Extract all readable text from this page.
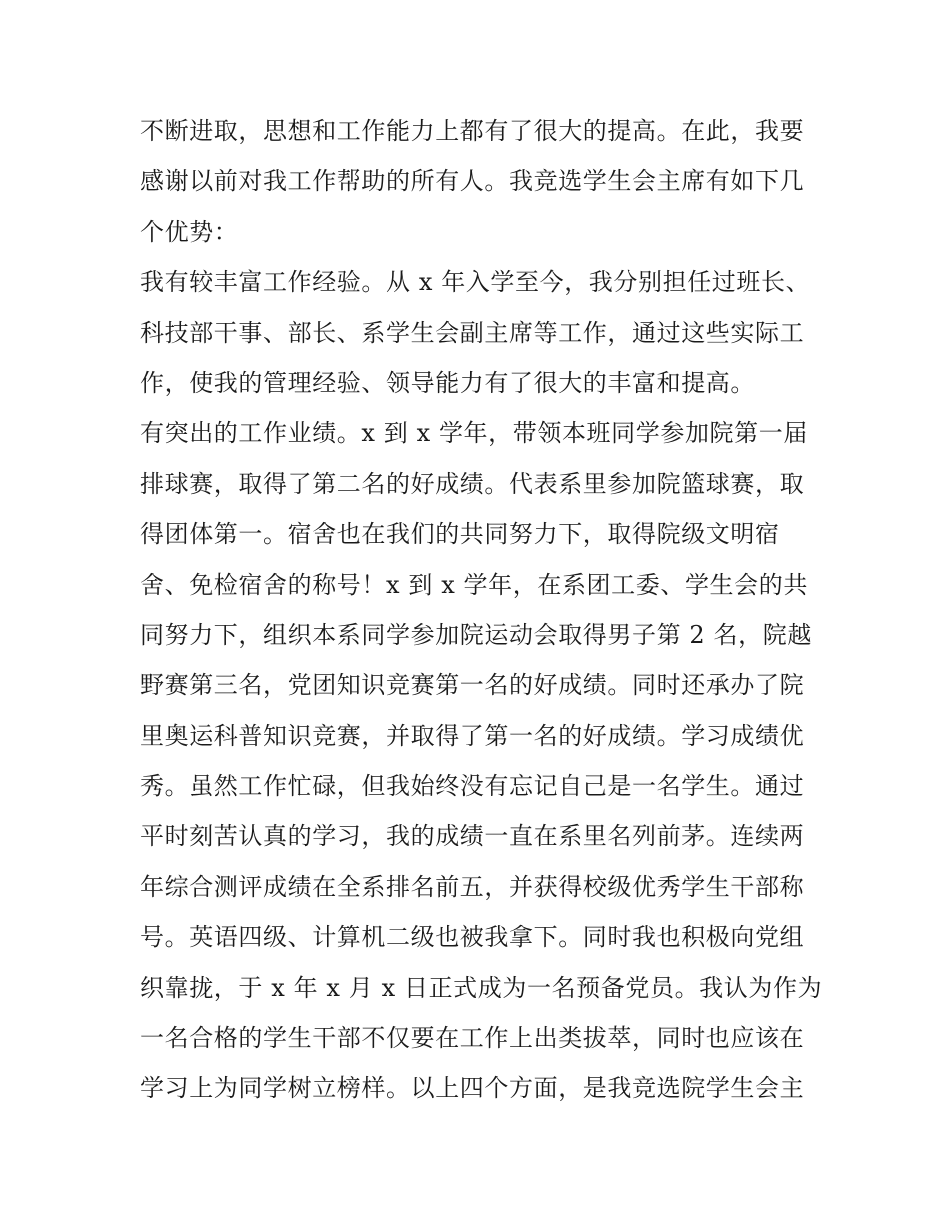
不断进取，思想和工作能力上都有了很大的提高。在此，我要
感谢以前对我工作帮助的所有人。我竞选学生会主席有如下几
个优势：
我有较丰富工作经验。从 x 年入学至今，我分别担任过班长、
科技部干事、部长、系学生会副主席等工作，通过这些实际工
作，使我的管理经验、领导能力有了很大的丰富和提高。
有突出的工作业绩。x 到 x 学年，带领本班同学参加院第一届
排球赛，取得了第二名的好成绩。代表系里参加院篮球赛，取
得团体第一。宿舍也在我们的共同努力下，取得院级文明宿
舍、免检宿舍的称号！x 到 x 学年，在系团工委、学生会的共
同努力下，组织本系同学参加院运动会取得男子第 2 名，院越
野赛第三名，党团知识竞赛第一名的好成绩。同时还承办了院
里奥运科普知识竞赛，并取得了第一名的好成绩。学习成绩优
秀。虽然工作忙碌，但我始终没有忘记自己是一名学生。通过
平时刻苦认真的学习，我的成绩一直在系里名列前茅。连续两
年综合测评成绩在全系排名前五，并获得校级优秀学生干部称
号。英语四级、计算机二级也被我拿下。同时我也积极向党组
织靠拢，于 x 年 x 月 x 日正式成为一名预备党员。我认为作为
一名合格的学生干部不仅要在工作上出类拔萃，同时也应该在
学习上为同学树立榜样。以上四个方面，是我竞选院学生会主
